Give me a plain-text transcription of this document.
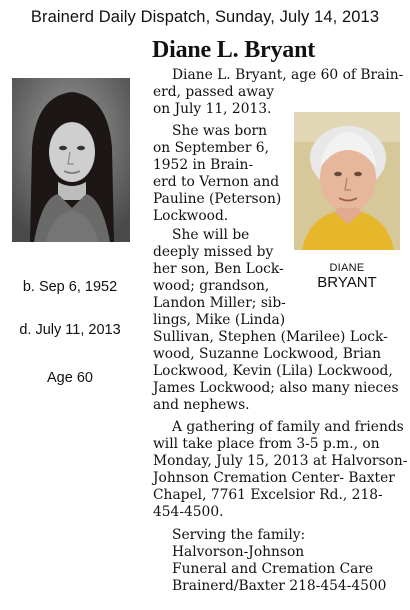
Brainerd Daily Dispatch, Sunday, July 14, 2013
Diane L. Bryant
DIANE
BRYANT
b. Sep 6, 1952
d. July 11, 2013
Age 60
Diane L. Bryant, age 60 of Brain-
erd, passed away
on July 11, 2013.
She was born
on September 6,
1952 in Brain-
erd to Vernon and
Pauline (Peterson)
Lockwood.
She will be
deeply missed by
her son, Ben Lock-
wood; grandson,
Landon Miller; sib-
lings, Mike (Linda)
Sullivan, Stephen (Marilee) Lock-
wood, Suzanne Lockwood, Brian
Lockwood, Kevin (Lila) Lockwood,
James Lockwood; also many nieces
and nephews.
A gathering of family and friends
will take place from 3-5 p.m., on
Monday, July 15, 2013 at Halvorson-
Johnson Cremation Center- Baxter
Chapel, 7761 Excelsior Rd., 218-
454-4500.
Serving the family:
Halvorson-Johnson
Funeral and Cremation Care
Brainerd/Baxter 218-454-4500
